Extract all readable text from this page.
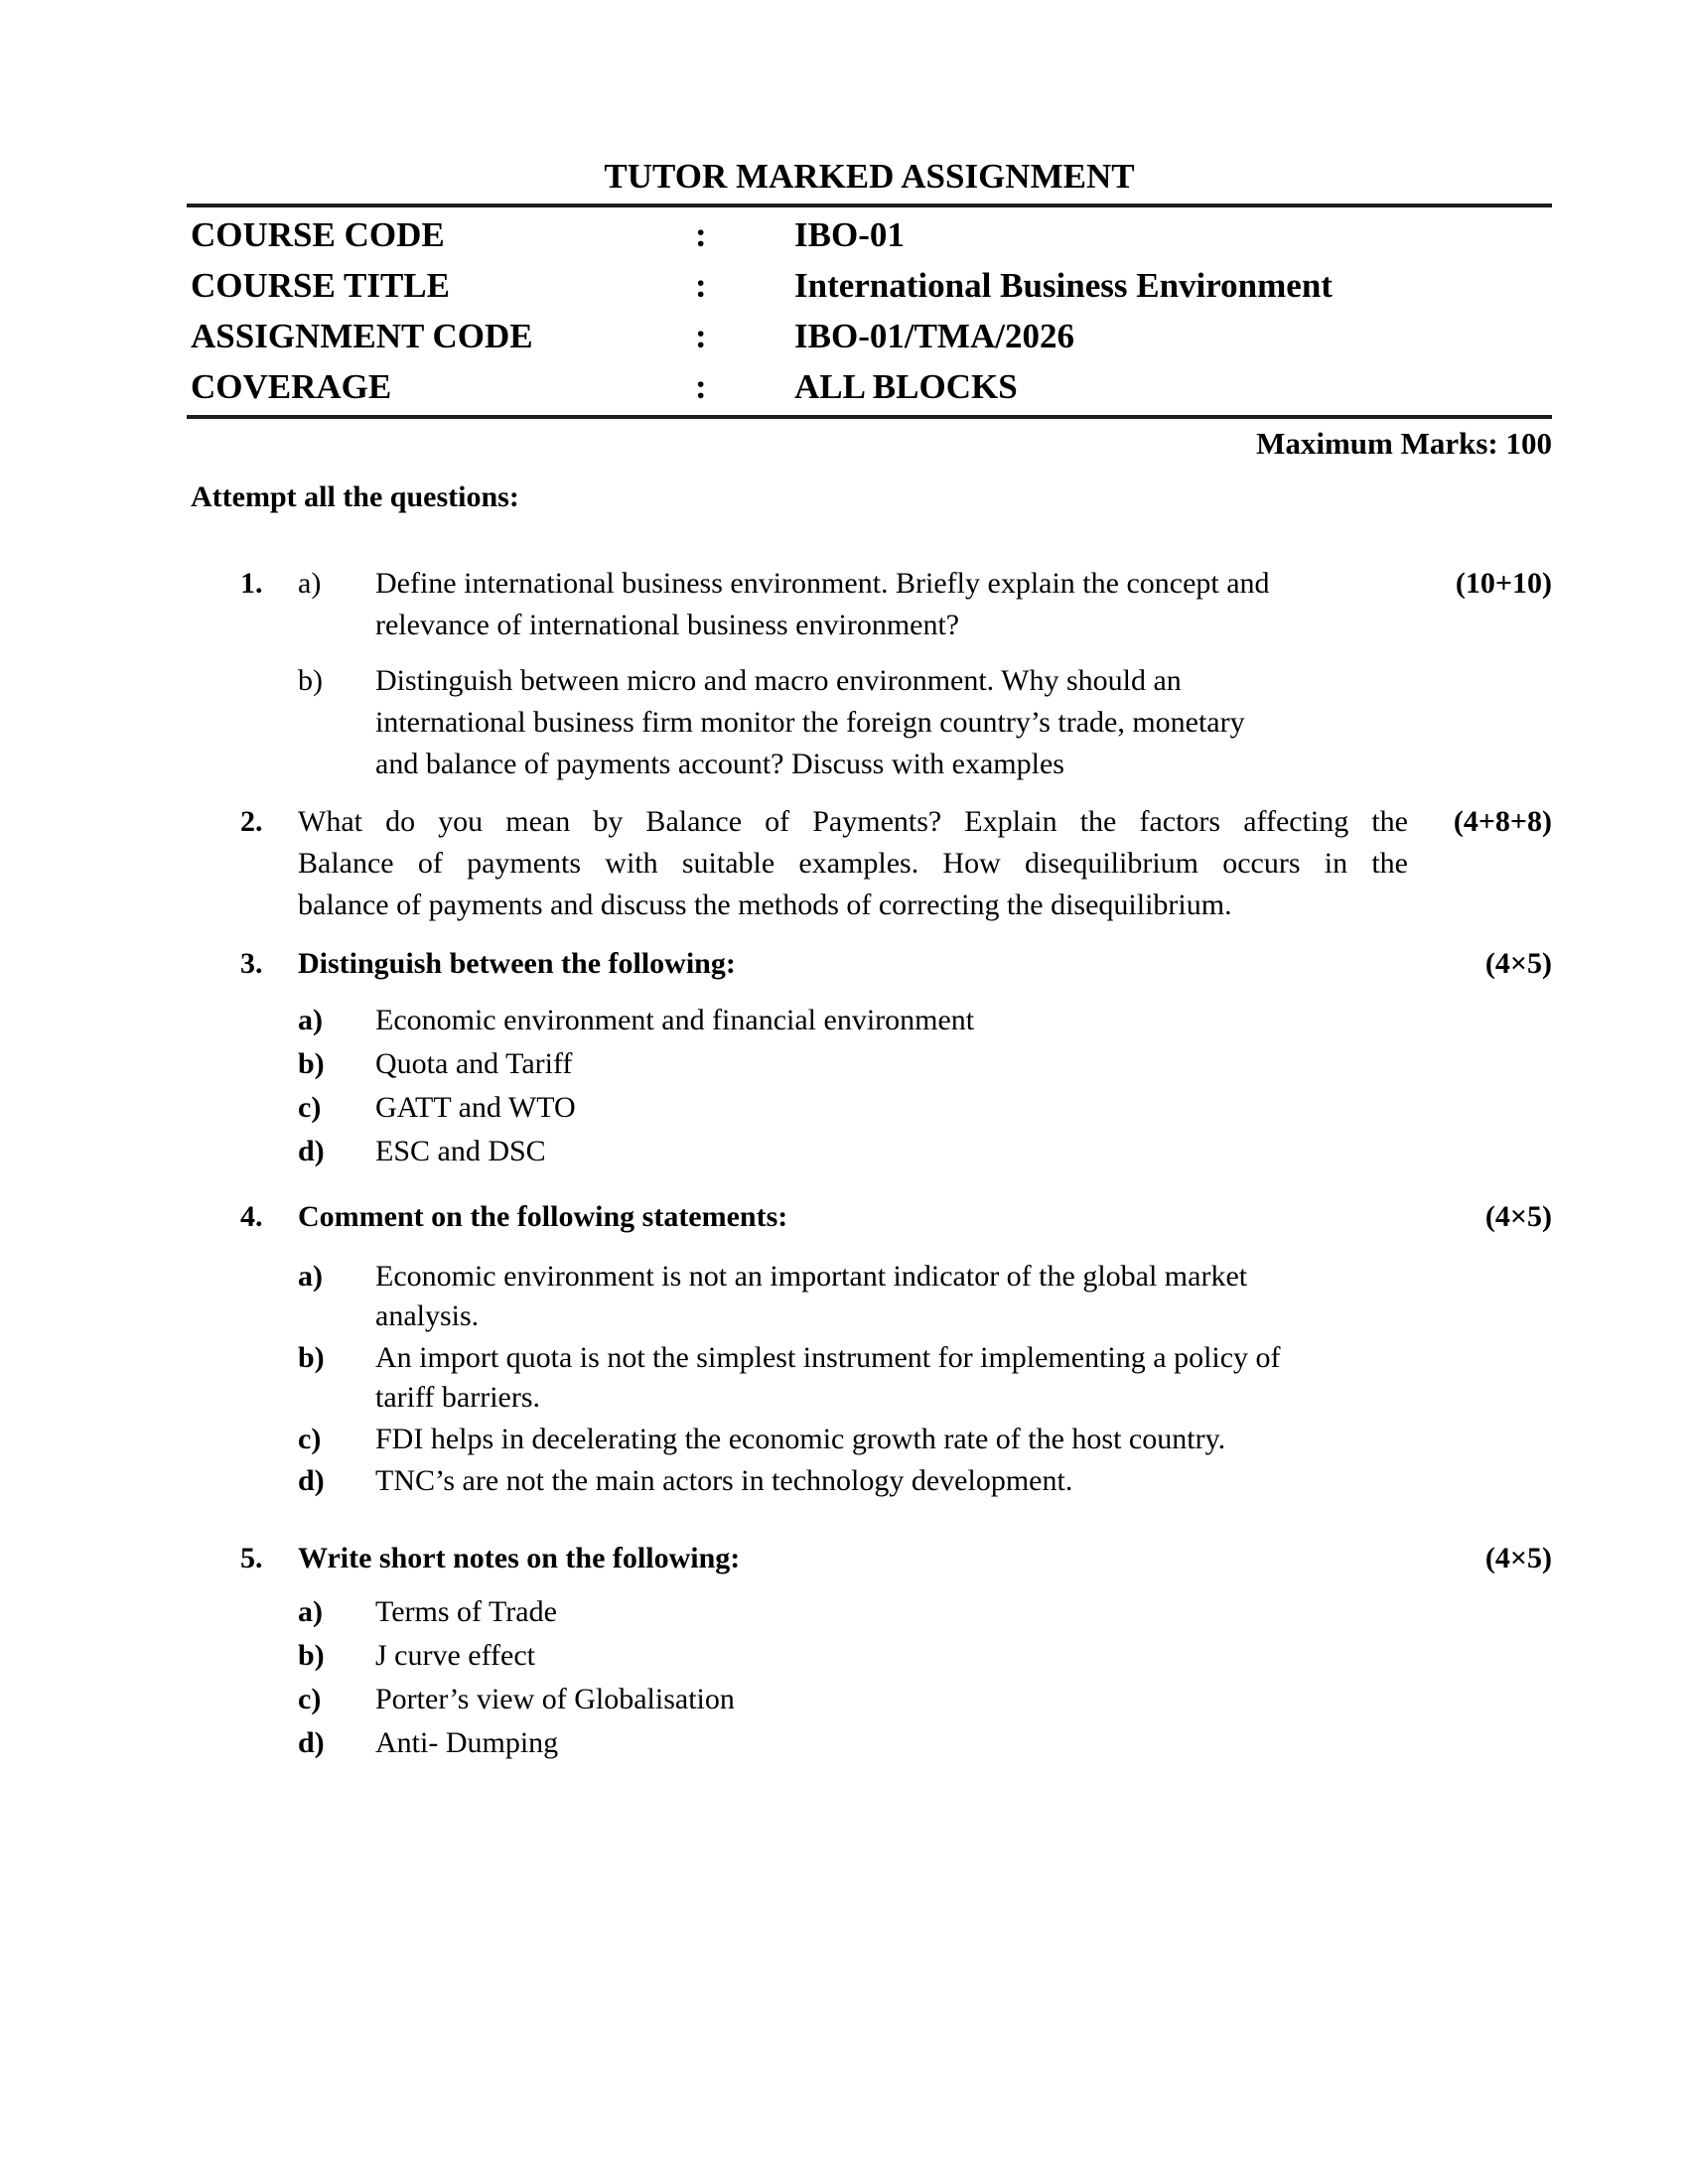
TUTOR MARKED ASSIGNMENT
COURSE CODE	:	IBO-01
COURSE TITLE	:	International Business Environment
ASSIGNMENT CODE	:	IBO-01/TMA/2026
COVERAGE	:	ALL BLOCKS
Maximum Marks: 100
Attempt all the questions:
1.	a)	Define international business environment. Briefly explain the concept and
relevance of international business environment?
b)	Distinguish between micro and macro environment. Why should an
international business firm monitor the foreign country’s trade, monetary
and balance of payments account? Discuss with examples
(10+10)
2.	What do you mean by Balance of Payments? Explain the factors affecting the
Balance of payments with suitable examples. How disequilibrium occurs in the
balance of payments and discuss the methods of correcting the disequilibrium.
(4+8+8)
3.	Distinguish between the following:
a)	Economic environment and financial environment
b)	Quota and Tariff
c)	GATT and WTO
d)	ESC and DSC
(4×5)
4.	Comment on the following statements:
a)	Economic environment is not an important indicator of the global market
analysis.
b)	An import quota is not the simplest instrument for implementing a policy of
tariff barriers.
c)	FDI helps in decelerating the economic growth rate of the host country.
d)	TNC’s are not the main actors in technology development.
(4×5)
5.	Write short notes on the following:
a)	Terms of Trade
b)	J curve effect
c)	Porter’s view of Globalisation
d)	Anti- Dumping
(4×5)
